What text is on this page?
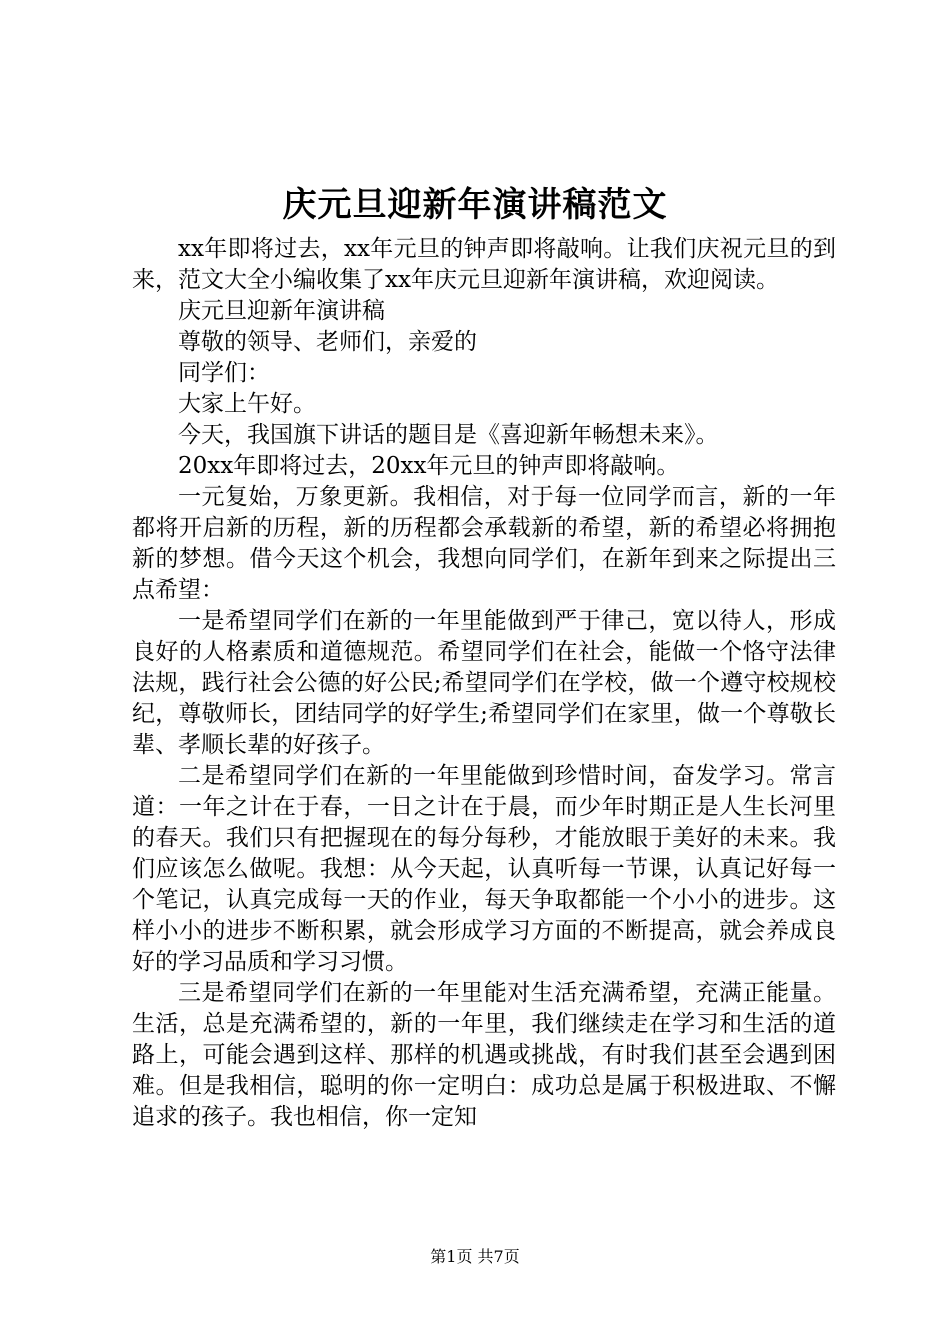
庆元旦迎新年演讲稿范文

xx年即将过去，xx年元旦的钟声即将敲响。让我们庆祝元旦的到来，范文大全小编收集了xx年庆元旦迎新年演讲稿，欢迎阅读。

庆元旦迎新年演讲稿

尊敬的领导、老师们，亲爱的

同学们：

大家上午好。

今天，我国旗下讲话的题目是《喜迎新年畅想未来》。

20xx年即将过去，20xx年元旦的钟声即将敲响。

一元复始，万象更新。我相信，对于每一位同学而言，新的一年都将开启新的历程，新的历程都会承载新的希望，新的希望必将拥抱新的梦想。借今天这个机会，我想向同学们，在新年到来之际提出三点希望：

一是希望同学们在新的一年里能做到严于律己，宽以待人，形成良好的人格素质和道德规范。希望同学们在社会，能做一个恪守法律法规，践行社会公德的好公民;希望同学们在学校，做一个遵守校规校纪，尊敬师长，团结同学的好学生;希望同学们在家里，做一个尊敬长辈、孝顺长辈的好孩子。

二是希望同学们在新的一年里能做到珍惜时间，奋发学习。常言道：一年之计在于春，一日之计在于晨，而少年时期正是人生长河里的春天。我们只有把握现在的每分每秒，才能放眼于美好的未来。我们应该怎么做呢。我想：从今天起，认真听每一节课，认真记好每一个笔记，认真完成每一天的作业，每天争取都能一个小小的进步。这样小小的进步不断积累，就会形成学习方面的不断提高，就会养成良好的学习品质和学习习惯。

三是希望同学们在新的一年里能对生活充满希望，充满正能量。生活，总是充满希望的，新的一年里，我们继续走在学习和生活的道路上，可能会遇到这样、那样的机遇或挑战，有时我们甚至会遇到困难。但是我相信，聪明的你一定明白：成功总是属于积极进取、不懈追求的孩子。我也相信，你一定知

第1页 共7页
